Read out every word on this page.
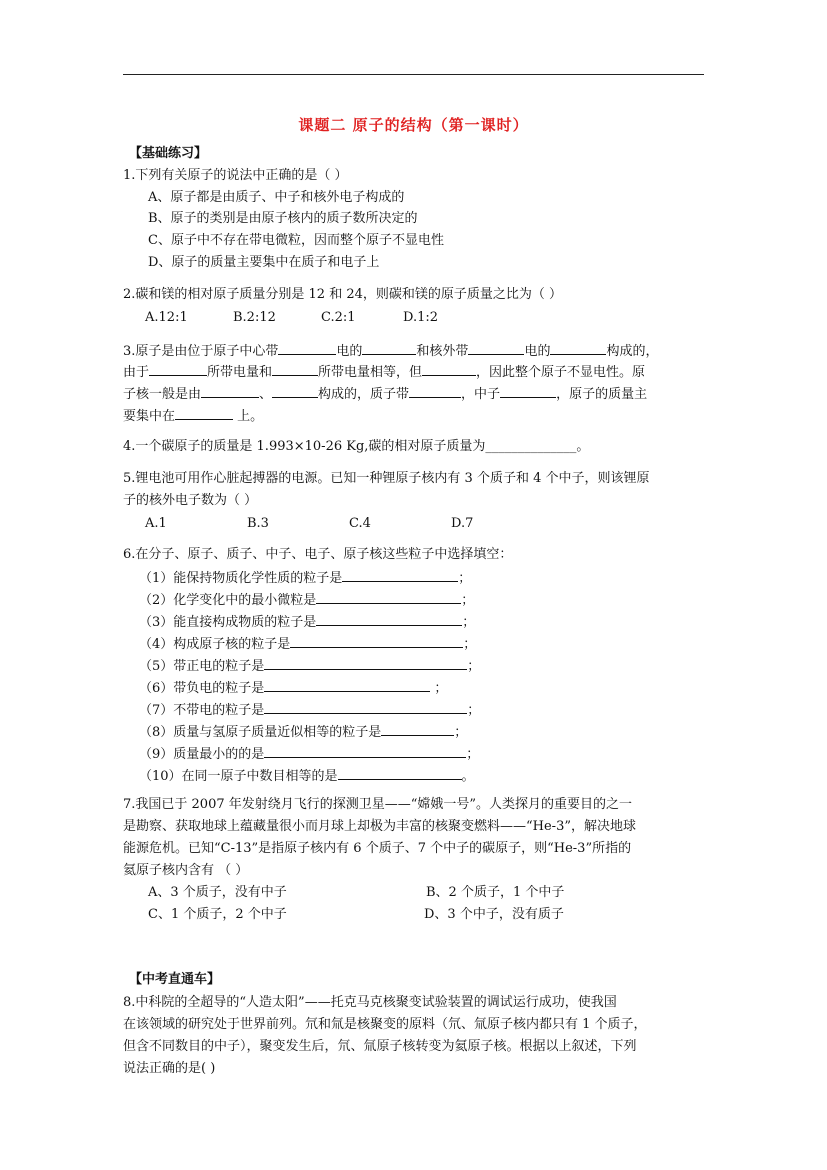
课题二 原子的结构（第一课时）
【基础练习】
1.下列有关原子的说法中正确的是（ ）
A、原子都是由质子、中子和核外电子构成的
B、原子的类别是由原子核内的质子数所决定的
C、原子中不存在带电微粒，因而整个原子不显电性
D、原子的质量主要集中在质子和电子上
2.碳和镁的相对原子质量分别是 12 和 24，则碳和镁的原子质量之比为（ ）
A.12:1	B.2:12	C.2:1	D.1:2
3.原子是由位于原子中心带	电的	和核外带	电的	构成的，
由于	所带电量和	所带电量相等，但	，因此整个原子不显电性。原
子核一般是由	、	构成的，质子带	，中子	，原子的质量主
要集中在	上。
4.一个碳原子的质量是 1.993×10-26 Kg,碳的相对原子质量为______________。
5.锂电池可用作心脏起搏器的电源。已知一种锂原子核内有 3 个质子和 4 个中子，则该锂原
子的核外电子数为（ ）
A.1	B.3	C.4	D.7
6.在分子、原子、质子、中子、电子、原子核这些粒子中选择填空：
（1）能保持物质化学性质的粒子是	；
（2）化学变化中的最小微粒是	；
（3）能直接构成物质的粒子是	；
（4）构成原子核的粒子是	；
（5）带正电的粒子是	；
（6）带负电的粒子是	；
（7）不带电的粒子是	；
（8）质量与氢原子质量近似相等的粒子是	；
（9）质量最小的的是	；
（10）在同一原子中数目相等的是	。
7.我国已于 2007 年发射绕月飞行的探测卫星——“嫦娥一号”。人类探月的重要目的之一
是勘察、获取地球上蕴藏量很小而月球上却极为丰富的核聚变燃料——“He-3”，解决地球
能源危机。已知“C-13”是指原子核内有 6 个质子、7 个中子的碳原子，则“He-3”所指的
氦原子核内含有 （ ）
A、3 个质子，没有中子	B、2 个质子，1 个中子
C、1 个质子，2 个中子	D、3 个中子，没有质子
【中考直通车】
8.中科院的全超导的“人造太阳”——托克马克核聚变试验装置的调试运行成功，使我国
在该领域的研究处于世界前列。氘和氚是核聚变的原料（氘、氚原子核内都只有 1 个质子，
但含不同数目的中子），聚变发生后，氘、氚原子核转变为氦原子核。根据以上叙述，下列
说法正确的是( )
